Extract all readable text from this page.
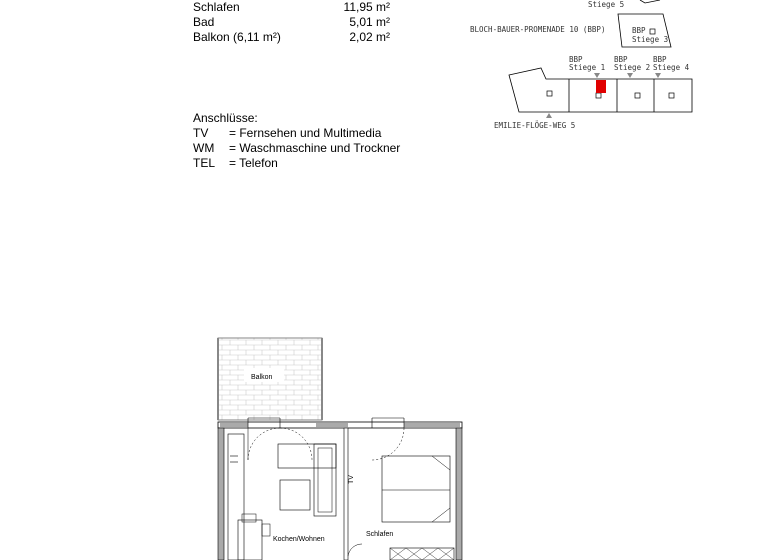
Schlafen	11,95 m²
Bad	5,01 m²
Balkon (6,11 m²)	2,02 m²
Anschlüsse:
TV = Fernsehen und Multimedia
WM = Waschmaschine und Trockner
TEL = Telefon
Stiege 5
BBP
Stiege 3
BLOCH-BAUER-PROMENADE 10 (BBP)
BBP
Stiege 1
BBP
Stiege 2
BBP
Stiege 4
EMILIE-FLÖGE-WEG 5
Balkon
Kochen/Wohnen
TV
Schlafen
